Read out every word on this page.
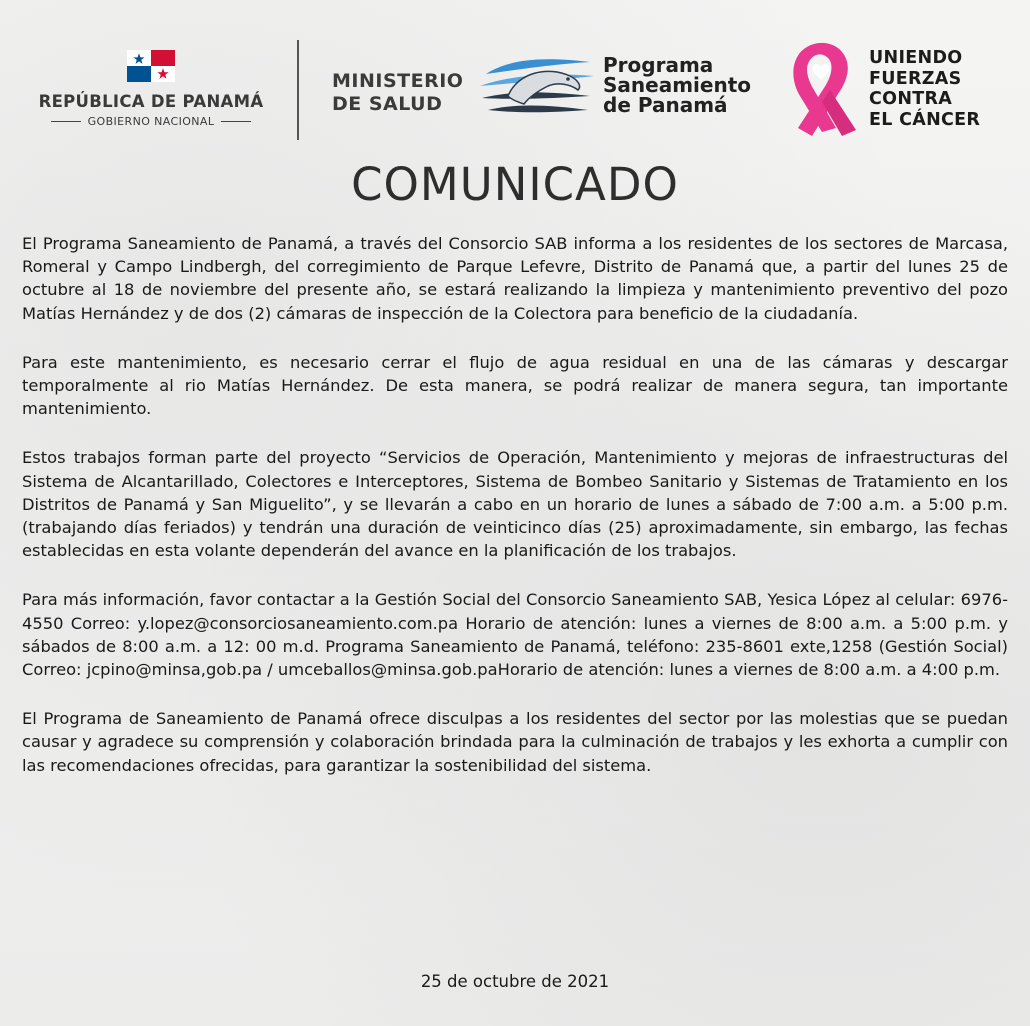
REPÚBLICA DE PANAMÁ
GOBIERNO NACIONAL
MINISTERIO
DE SALUD
Programa
Saneamiento
de Panamá
UNIENDO
FUERZAS
CONTRA
EL CÁNCER
COMUNICADO

El Programa Saneamiento de Panamá, a través del Consorcio SAB informa a los residentes de los sectores de Marcasa, Romeral y Campo Lindbergh, del corregimiento de Parque Lefevre, Distrito de Panamá que, a partir del lunes 25 de octubre al 18 de noviembre del presente año, se estará realizando la limpieza y mantenimiento preventivo del pozo Matías Hernández y de dos (2) cámaras de inspección de la Colectora para beneficio de la ciudadanía.

Para este mantenimiento, es necesario cerrar el flujo de agua residual en una de las cámaras y descargar temporalmente al rio Matías Hernández. De esta manera, se podrá realizar de manera segura, tan importante mantenimiento.

Estos trabajos forman parte del proyecto “Servicios de Operación, Mantenimiento y mejoras de infraestructuras del Sistema de Alcantarillado, Colectores e Interceptores, Sistema de Bombeo Sanitario y Sistemas de Tratamiento en los Distritos de Panamá y San Miguelito”, y se llevarán a cabo en un horario de lunes a sábado de 7:00 a.m. a 5:00 p.m. (trabajando días feriados) y tendrán una duración de veinticinco días (25) aproximadamente, sin embargo, las fechas establecidas en esta volante dependerán del avance en la planificación de los trabajos.

Para más información, favor contactar a la Gestión Social del Consorcio Saneamiento SAB, Yesica López al celular: 6976-4550 Correo: y.lopez@consorciosaneamiento.com.pa Horario de atención: lunes a viernes de 8:00 a.m. a 5:00 p.m. y sábados de 8:00 a.m. a 12: 00 m.d. Programa Saneamiento de Panamá, teléfono: 235-8601 exte,1258 (Gestión Social) Correo: jcpino@minsa,gob.pa / umceballos@minsa.gob.paHorario de atención: lunes a viernes de 8:00 a.m. a 4:00 p.m.

El Programa de Saneamiento de Panamá ofrece disculpas a los residentes del sector por las molestias que se puedan causar y agradece su comprensión y colaboración brindada para la culminación de trabajos y les exhorta a cumplir con las recomendaciones ofrecidas, para garantizar la sostenibilidad del sistema.

25 de octubre de 2021
